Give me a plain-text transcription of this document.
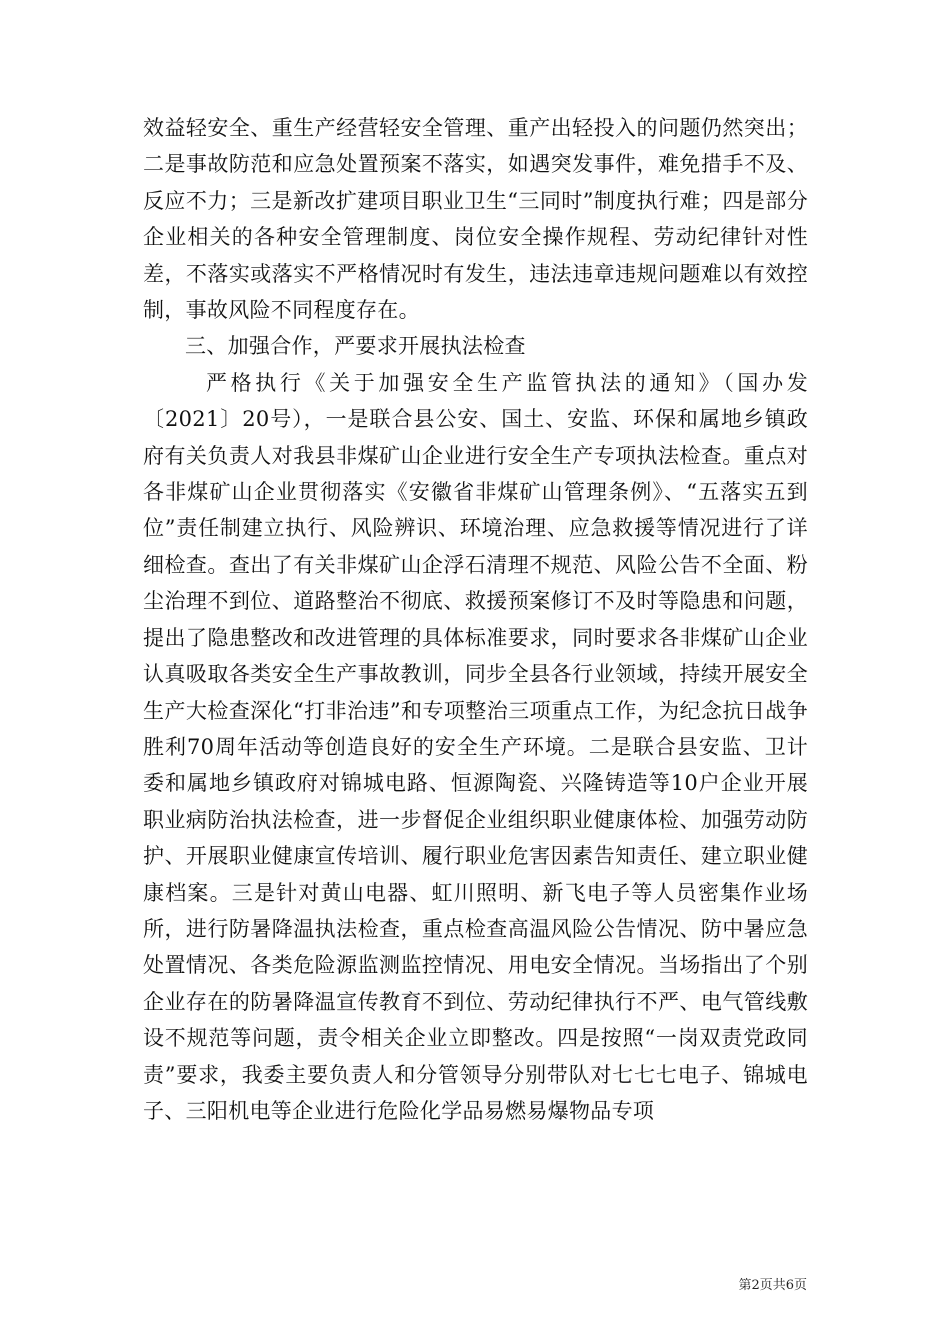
效益轻安全、重生产经营轻安全管理、重产出轻投入的问题仍然突出；二是事故防范和应急处置预案不落实，如遇突发事件，难免措手不及、反应不力；三是新改扩建项目职业卫生“三同时”制度执行难；四是部分企业相关的各种安全管理制度、岗位安全操作规程、劳动纪律针对性差，不落实或落实不严格情况时有发生，违法违章违规问题难以有效控制，事故风险不同程度存在。

三、加强合作，严要求开展执法检查

严格执行《关于加强安全生产监管执法的通知》（国办发〔2021〕20号），一是联合县公安、国土、安监、环保和属地乡镇政府有关负责人对我县非煤矿山企业进行安全生产专项执法检查。重点对各非煤矿山企业贯彻落实《安徽省非煤矿山管理条例》、“五落实五到位”责任制建立执行、风险辨识、环境治理、应急救援等情况进行了详细检查。查出了有关非煤矿山企浮石清理不规范、风险公告不全面、粉尘治理不到位、道路整治不彻底、救援预案修订不及时等隐患和问题，提出了隐患整改和改进管理的具体标准要求，同时要求各非煤矿山企业认真吸取各类安全生产事故教训，同步全县各行业领域，持续开展安全生产大检查深化“打非治违”和专项整治三项重点工作，为纪念抗日战争胜利70周年活动等创造良好的安全生产环境。二是联合县安监、卫计委和属地乡镇政府对锦城电路、恒源陶瓷、兴隆铸造等10户企业开展职业病防治执法检查，进一步督促企业组织职业健康体检、加强劳动防护、开展职业健康宣传培训、履行职业危害因素告知责任、建立职业健康档案。三是针对黄山电器、虹川照明、新飞电子等人员密集作业场所，进行防暑降温执法检查，重点检查高温风险公告情况、防中暑应急处置情况、各类危险源监测监控情况、用电安全情况。当场指出了个别企业存在的防暑降温宣传教育不到位、劳动纪律执行不严、电气管线敷设不规范等问题，责令相关企业立即整改。四是按照“一岗双责党政同责”要求，我委主要负责人和分管领导分别带队对七七七电子、锦城电子、三阳机电等企业进行危险化学品易燃易爆物品专项

第2页共6页
